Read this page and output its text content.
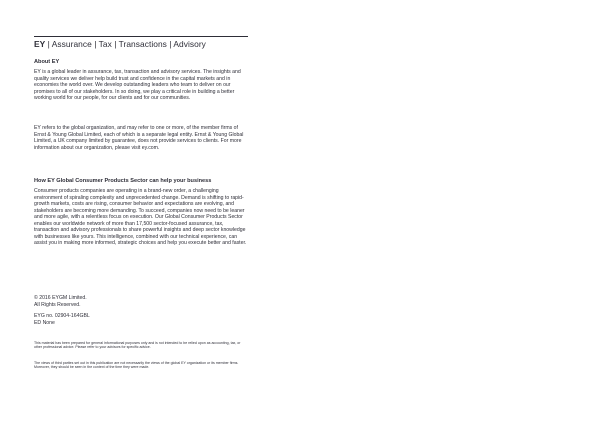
EY | Assurance | Tax | Transactions | Advisory
About EY
EY is a global leader in assurance, tax, transaction and advisory services. The insights and quality services we deliver help build trust and confidence in the capital markets and in economies the world over. We develop outstanding leaders who team to deliver on our promises to all of our stakeholders. In so doing, we play a critical role in building a better working world for our people, for our clients and for our communities.
EY refers to the global organization, and may refer to one or more, of the member firms of Ernst & Young Global Limited, each of which is a separate legal entity. Ernst & Young Global Limited, a UK company limited by guarantee, does not provide services to clients. For more information about our organization, please visit ey.com.
How EY Global Consumer Products Sector can help your business
Consumer products companies are operating in a brand-new order, a challenging environment of spiraling complexity and unprecedented change. Demand is shifting to rapid-growth markets, costs are rising, consumer behavior and expectations are evolving, and stakeholders are becoming more demanding. To succeed, companies now need to be leaner and more agile, with a relentless focus on execution. Our Global Consumer Products Sector enables our worldwide network of more than 17,500 sector-focused assurance, tax, transaction and advisory professionals to share powerful insights and deep sector knowledge with businesses like yours. This intelligence, combined with our technical experience, can assist you in making more informed, strategic choices and help you execute better and faster.
© 2016 EYGM Limited.
All Rights Reserved.
EYG no. 02904-164GBL
ED None
This material has been prepared for general informational purposes only and is not intended to be relied upon as accounting, tax, or other professional advice. Please refer to your advisors for specific advice.
The views of third parties set out in this publication are not necessarily the views of the global EY organization or its member firms. Moreover, they should be seen in the context of the time they were made.
